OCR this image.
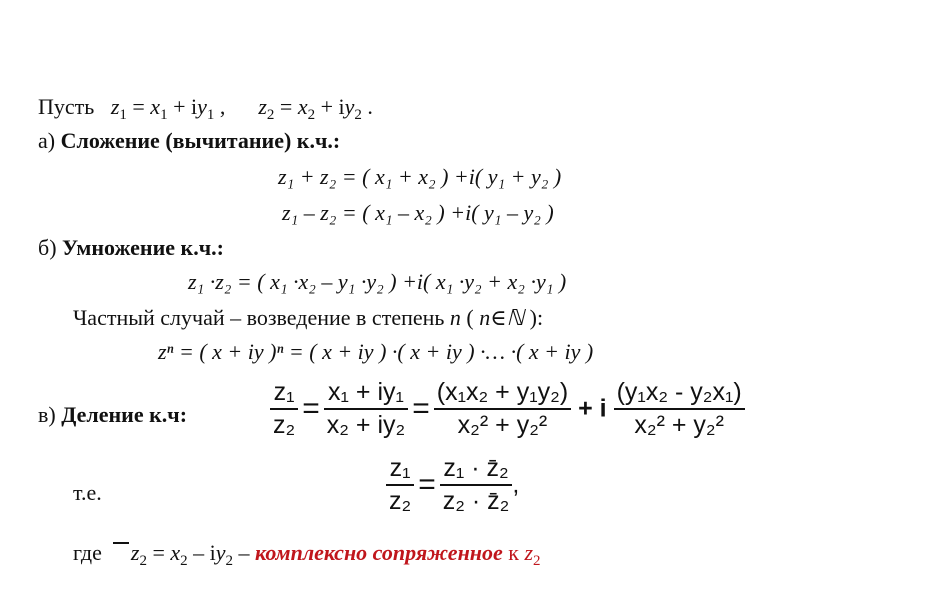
Пусть $z_1 = x_1 + iy_1$ , $z_2 = x_2 + iy_2$ .
а) Сложение (вычитание) к.ч.:
z₁ + z₂ = ( x₁ + x₂ ) +i( y₁ + y₂ )
z₁ – z₂ = ( x₁ – x₂ ) +i( y₁ – y₂ )
б) Умножение к.ч.:
z₁ ·z₂ = ( x₁ ·x₂ – y₁ ·y₂ ) +i( x₁ ·y₂ + x₂ ·y₁ )
Частный случай – возведение в степень n ( n∈ℕ ):
zⁿ = ( x + iy )ⁿ = ( x + iy ) ·( x + iy ) ·… ·( x + iy )
в) Деление к.ч:	$\frac{\text{z₁}}{\text{z₂}} = \frac{\text{x₁ + iy₁}}{\text{x₂ + iy₂}} = \frac{\text{(x₁x₂ + y₁y₂)}}{\text{x₂² + y₂²}} + i \frac{\text{(y₁x₂ - y₂x₁)}}{\text{x₂² + y₂²}}$
т.е.	$\frac{\text{z₁}}{\text{z₂}} = \frac{\text{z₁ · z̄₂}}{\text{z₂ · z̄₂}}$ ,
где  $z_2 = x_2 - iy_2$ – комплексно сопряженное к $z_2$
